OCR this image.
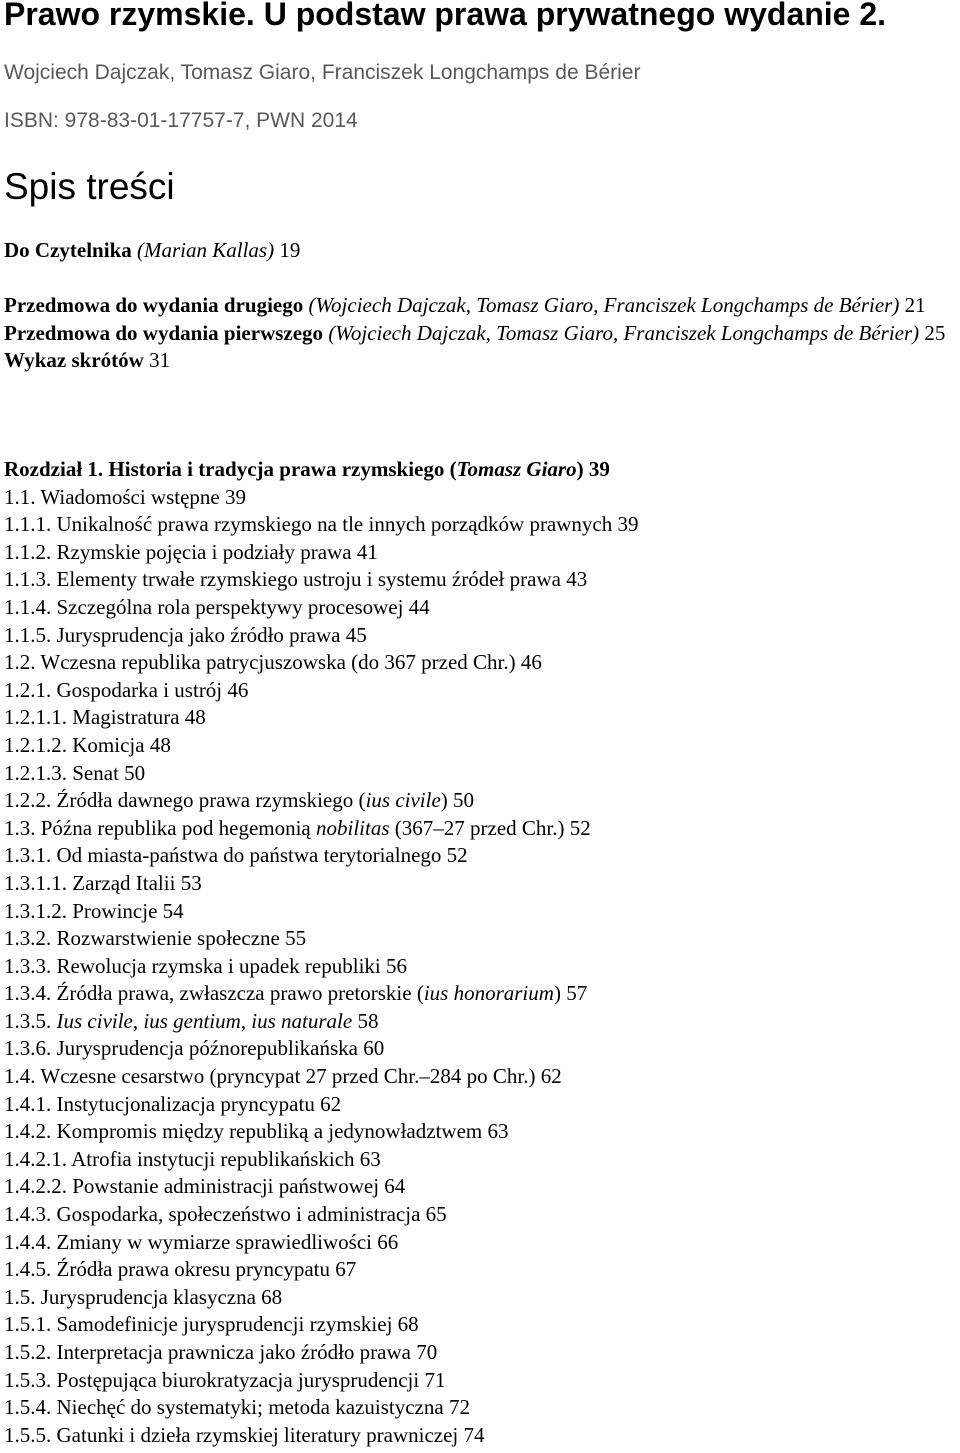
Prawo rzymskie. U podstaw prawa prywatnego wydanie 2.
Wojciech Dajczak, Tomasz Giaro, Franciszek Longchamps de Bérier
ISBN: 978-83-01-17757-7, PWN 2014
Spis treści
Do Czytelnika (Marian Kallas) 19
Przedmowa do wydania drugiego (Wojciech Dajczak, Tomasz Giaro, Franciszek Longchamps de Bérier) 21
Przedmowa do wydania pierwszego (Wojciech Dajczak, Tomasz Giaro, Franciszek Longchamps de Bérier) 25
Wykaz skrótów 31
Rozdział 1. Historia i tradycja prawa rzymskiego (Tomasz Giaro) 39
1.1. Wiadomości wstępne 39
1.1.1. Unikalność prawa rzymskiego na tle innych porządków prawnych 39
1.1.2. Rzymskie pojęcia i podziały prawa 41
1.1.3. Elementy trwałe rzymskiego ustroju i systemu źródeł prawa 43
1.1.4. Szczególna rola perspektywy procesowej 44
1.1.5. Jurysprudencja jako źródło prawa 45
1.2. Wczesna republika patrycjuszowska (do 367 przed Chr.) 46
1.2.1. Gospodarka i ustrój 46
1.2.1.1. Magistratura 48
1.2.1.2. Komicja 48
1.2.1.3. Senat 50
1.2.2. Źródła dawnego prawa rzymskiego (ius civile) 50
1.3. Późna republika pod hegemonią nobilitas (367–27 przed Chr.) 52
1.3.1. Od miasta-państwa do państwa terytorialnego 52
1.3.1.1. Zarząd Italii 53
1.3.1.2. Prowincje 54
1.3.2. Rozwarstwienie społeczne 55
1.3.3. Rewolucja rzymska i upadek republiki 56
1.3.4. Źródła prawa, zwłaszcza prawo pretorskie (ius honorarium) 57
1.3.5. Ius civile, ius gentium, ius naturale 58
1.3.6. Jurysprudencja późnorepublikańska 60
1.4. Wczesne cesarstwo (pryncypat 27 przed Chr.–284 po Chr.) 62
1.4.1. Instytucjonalizacja pryncypatu 62
1.4.2. Kompromis między republiką a jedynowładztwem 63
1.4.2.1. Atrofia instytucji republikańskich 63
1.4.2.2. Powstanie administracji państwowej 64
1.4.3. Gospodarka, społeczeństwo i administracja 65
1.4.4. Zmiany w wymiarze sprawiedliwości 66
1.4.5. Źródła prawa okresu pryncypatu 67
1.5. Jurysprudencja klasyczna 68
1.5.1. Samodefinicje jurysprudencji rzymskiej 68
1.5.2. Interpretacja prawnicza jako źródło prawa 70
1.5.3. Postępująca biurokratyzacja jurysprudencji 71
1.5.4. Niechęć do systematyki; metoda kazuistyczna 72
1.5.5. Gatunki i dzieła rzymskiej literatury prawniczej 74
